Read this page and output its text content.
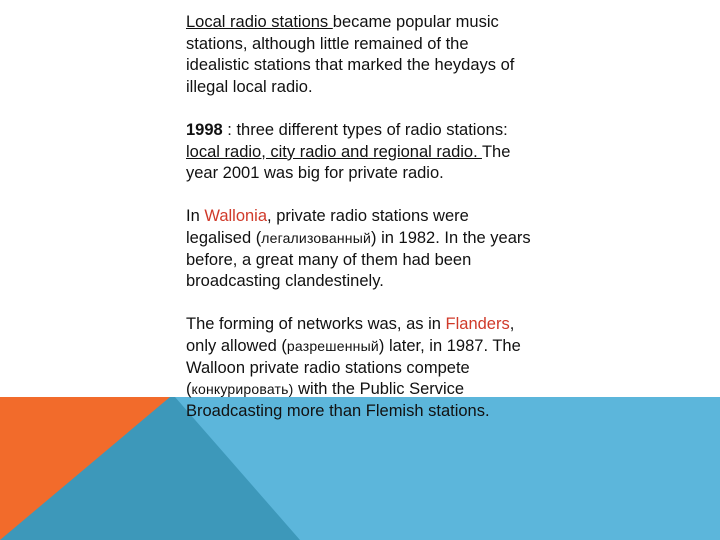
Local radio stations became popular music stations, although little remained of the idealistic stations that marked the heydays of illegal local radio.

1998 : three different types of radio stations: local radio, city radio and regional radio. The year 2001 was big for private radio.

In Wallonia, private radio stations were legalised (легализованный) in 1982. In the years before, a great many of them had been broadcasting clandestinely.

The forming of networks was, as in Flanders, only allowed (разрешенный) later, in 1987. The Walloon private radio stations compete (конкурировать) with the Public Service Broadcasting more than Flemish stations.
